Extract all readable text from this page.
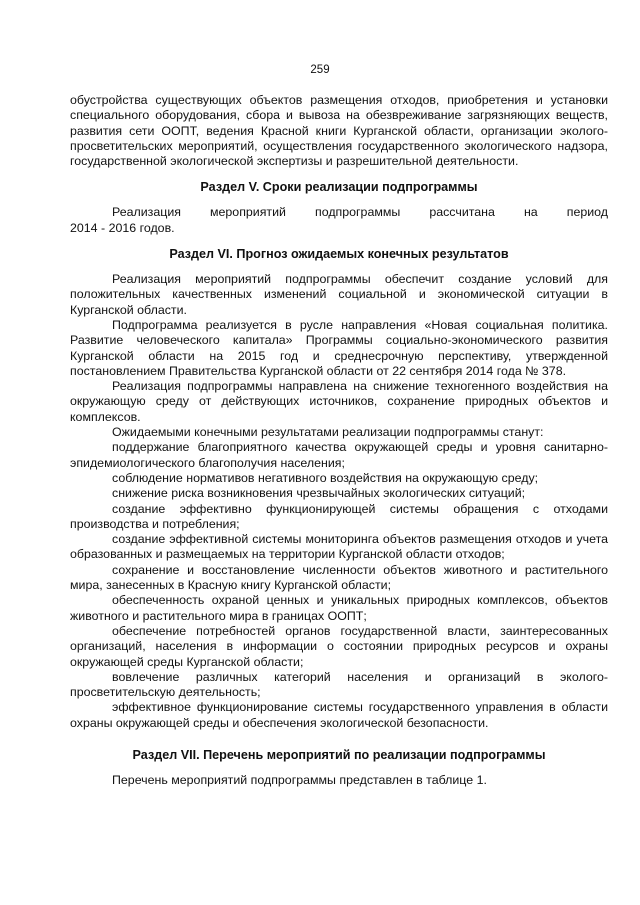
259

обустройства существующих объектов размещения отходов, приобретения и установки специального оборудования, сбора и вывоза на обезвреживание загрязняющих веществ, развития сети ООПТ, ведения Красной книги Курганской области, организации эколого-просветительских мероприятий, осуществления государственного экологического надзора, государственной экологической экспертизы и разрешительной деятельности.

Раздел V. Сроки реализации подпрограммы

Реализация мероприятий подпрограммы рассчитана на период

2014 - 2016 годов.

Раздел VI. Прогноз ожидаемых конечных результатов

Реализация мероприятий подпрограммы обеспечит создание условий для положительных качественных изменений социальной и экономической ситуации в Курганской области.

Подпрограмма реализуется в русле направления «Новая социальная политика. Развитие человеческого капитала» Программы социально-экономического развития Курганской области на 2015 год и среднесрочную перспективу, утвержденной постановлением Правительства Курганской области от 22 сентября 2014 года № 378.

Реализация подпрограммы направлена на снижение техногенного воздействия на окружающую среду от действующих источников, сохранение природных объектов и комплексов.

Ожидаемыми конечными результатами реализации подпрограммы станут:

поддержание благоприятного качества окружающей среды и уровня санитарно-эпидемиологического благополучия населения;

соблюдение нормативов негативного воздействия на окружающую среду;

снижение риска возникновения чрезвычайных экологических ситуаций;

создание эффективно функционирующей системы обращения с отходами производства и потребления;

создание эффективной системы мониторинга объектов размещения отходов и учета образованных и размещаемых на территории Курганской области отходов;

сохранение и восстановление численности объектов животного и растительного мира, занесенных в Красную книгу Курганской области;

обеспеченность охраной ценных и уникальных природных комплексов, объектов животного и растительного мира в границах ООПТ;

обеспечение потребностей органов государственной власти, заинтересованных организаций, населения в информации о состоянии природных ресурсов и охраны окружающей среды Курганской области;

вовлечение различных категорий населения и организаций в эколого-просветительскую деятельность;

эффективное функционирование системы государственного управления в области охраны окружающей среды и обеспечения экологической безопасности.

Раздел VII. Перечень мероприятий по реализации подпрограммы

Перечень мероприятий подпрограммы представлен в таблице 1.
